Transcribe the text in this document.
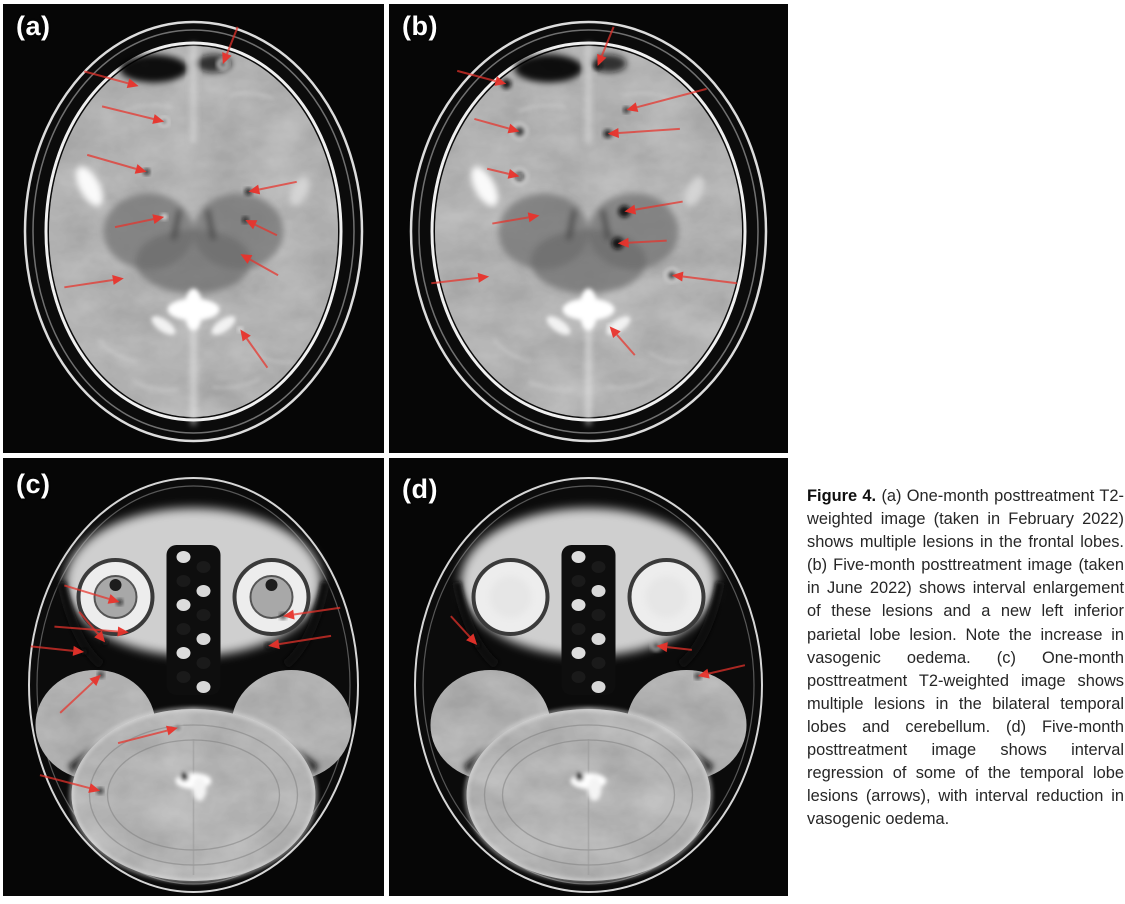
(a)	(b)
(c)	(d)	Figure 4. (a) One-month posttreatment T2-weighted image (taken in February 2022) shows multiple lesions in the frontal lobes. (b) Five-month posttreatment image (taken in June 2022) shows interval enlargement of these lesions and a new left inferior parietal lobe lesion. Note the increase in vasogenic oedema. (c) One-month posttreatment T2-weighted image shows multiple lesions in the bilateral temporal lobes and cerebellum. (d) Five-month posttreatment image shows interval regression of some of the temporal lobe lesions (arrows), with interval reduction in vasogenic oedema.
